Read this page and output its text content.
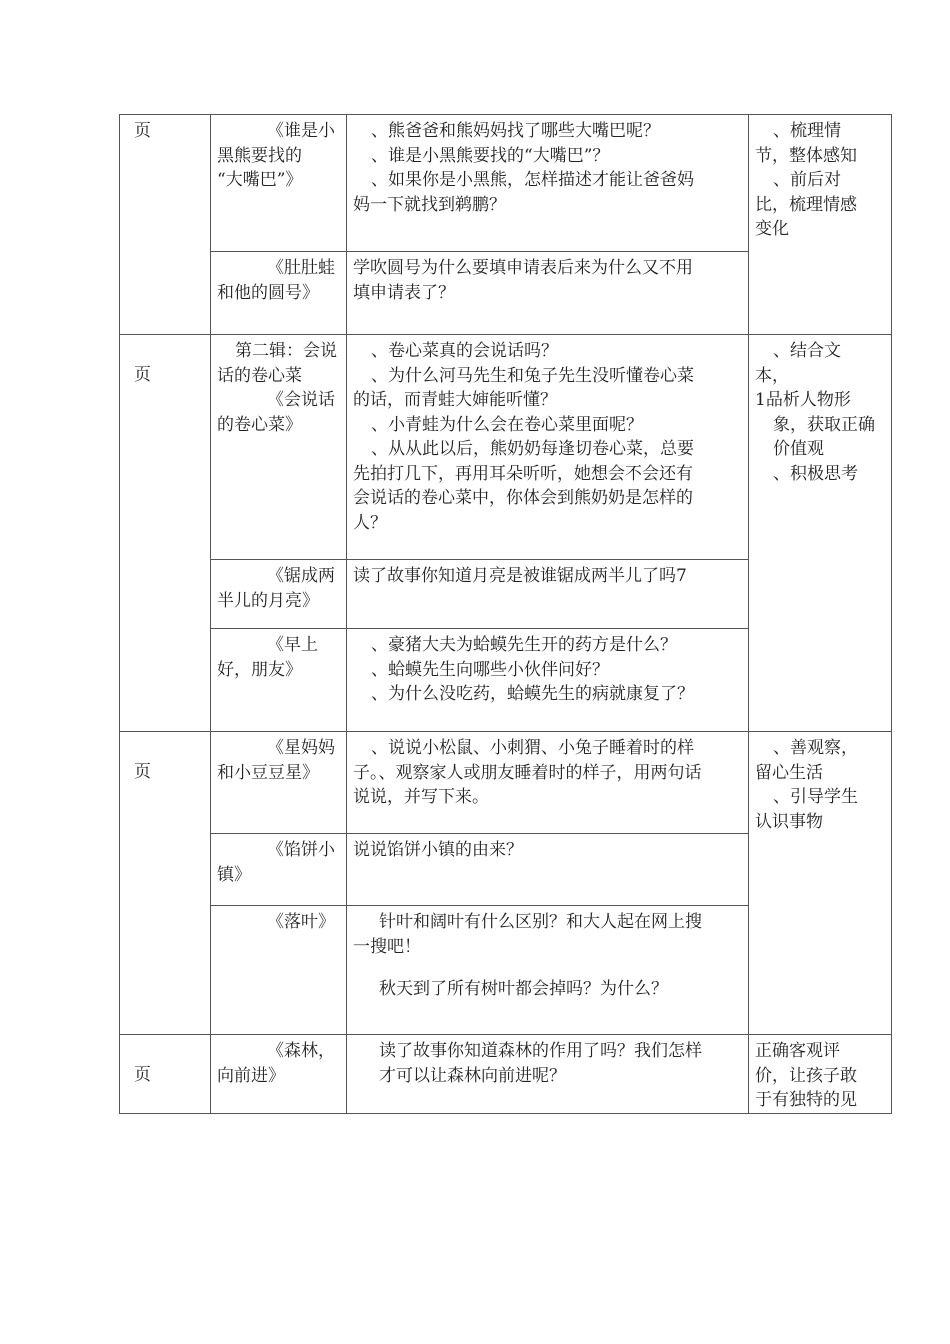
页	《谁是小
黑熊要找的
“大嘴巴”》
、熊爸爸和熊妈妈找了哪些大嘴巴呢？
、谁是小黑熊要找的“大嘴巴”？
、如果你是小黑熊，怎样描述才能让爸爸妈
妈一下就找到鹈鹏？
《肚肚蛙
和他的圆号》
学吹圆号为什么要填申请表后来为什么又不用
填申请表了？
、梳理情
节，整体感知
、前后对
比，梳理情感
变化
页
第二辑：会说
话的卷心菜
《会说话
的卷心菜》
、卷心菜真的会说话吗？
、为什么河马先生和兔子先生没听懂卷心菜
的话，而青蛙大婶能听懂？
、小青蛙为什么会在卷心菜里面呢？
、从从此以后，熊奶奶每逢切卷心菜，总要
先拍打几下，再用耳朵听听，她想会不会还有
会说话的卷心菜中，你体会到熊奶奶是怎样的
人？
《锯成两
半儿的月亮》
读了故事你知道月亮是被谁锯成两半儿了吗7
《早上
好，朋友》
、豪猪大夫为蛤蟆先生开的药方是什么？
、蛤蟆先生向哪些小伙伴问好？
、为什么没吃药，蛤蟆先生的病就康复了？
、结合文
本，
1品析人物形
象，获取正确
价值观
、积极思考
页
《星妈妈
和小豆豆星》
、说说小松鼠、小刺猬、小兔子睡着时的样
子。、观察家人或朋友睡着时的样子，用两句话
说说，并写下来。
《馅饼小
镇》
说说馅饼小镇的由来？
《落叶》	针叶和阔叶有什么区别？和大人起在网上搜
一搜吧！
秋天到了所有树叶都会掉吗？为什么？
、善观察，
留心生活
、引导学生
认识事物
页
《森林，
向前进》
读了故事你知道森林的作用了吗？我们怎样
才可以让森林向前进呢？
正确客观评
价，让孩子敢
于有独特的见
